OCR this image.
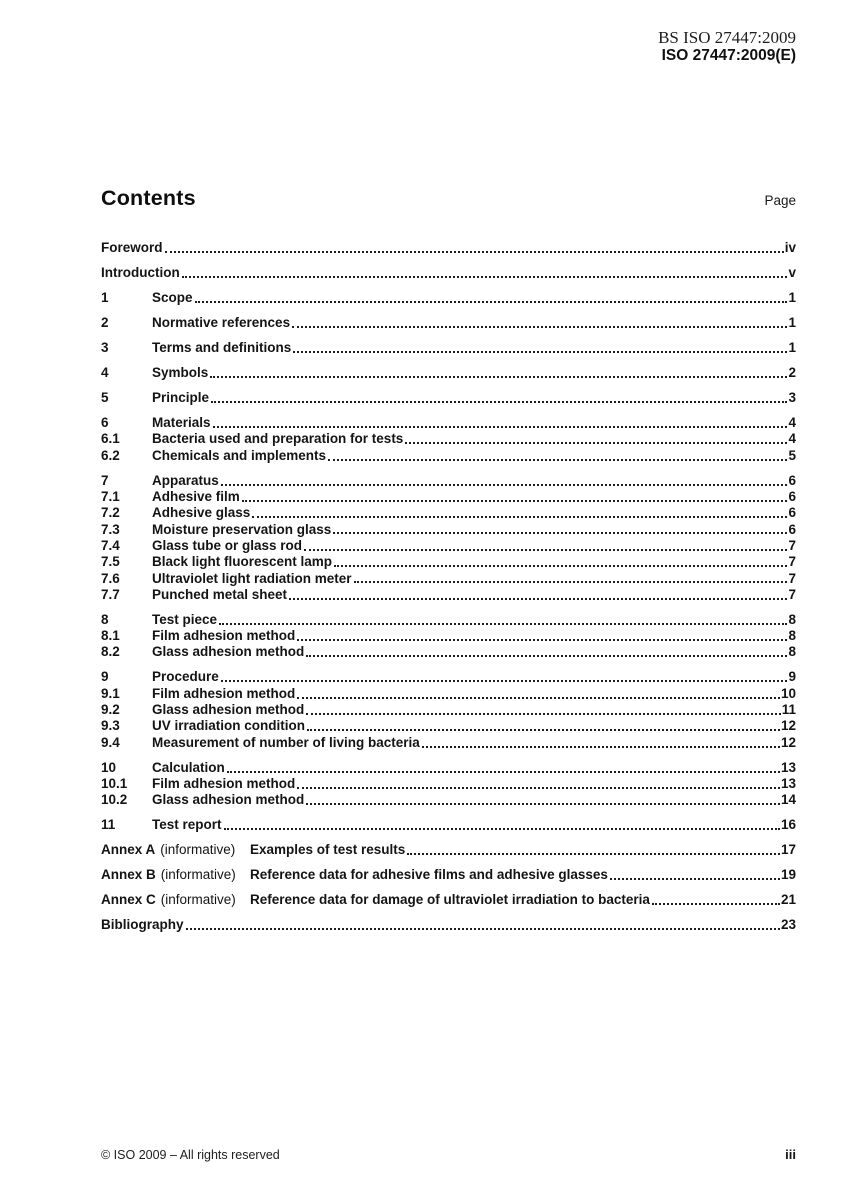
BS ISO 27447:2009
ISO 27447:2009(E)
Contents	Page
Foreword	iv
Introduction	v
1	Scope	1
2	Normative references	1
3	Terms and definitions	1
4	Symbols	2
5	Principle	3
6	Materials	4
6.1	Bacteria used and preparation for tests	4
6.2	Chemicals and implements	5
7	Apparatus	6
7.1	Adhesive film	6
7.2	Adhesive glass	6
7.3	Moisture preservation glass	6
7.4	Glass tube or glass rod	7
7.5	Black light fluorescent lamp	7
7.6	Ultraviolet light radiation meter	7
7.7	Punched metal sheet	7
8	Test piece	8
8.1	Film adhesion method	8
8.2	Glass adhesion method	8
9	Procedure	9
9.1	Film adhesion method	10
9.2	Glass adhesion method	11
9.3	UV irradiation condition	12
9.4	Measurement of number of living bacteria	12
10	Calculation	13
10.1	Film adhesion method	13
10.2	Glass adhesion method	14
11	Test report	16
Annex A (informative)	Examples of test results	17
Annex B (informative)	Reference data for adhesive films and adhesive glasses	19
Annex C (informative)	Reference data for damage of ultraviolet irradiation to bacteria	21
Bibliography	23
© ISO 2009 – All rights reserved	iii
